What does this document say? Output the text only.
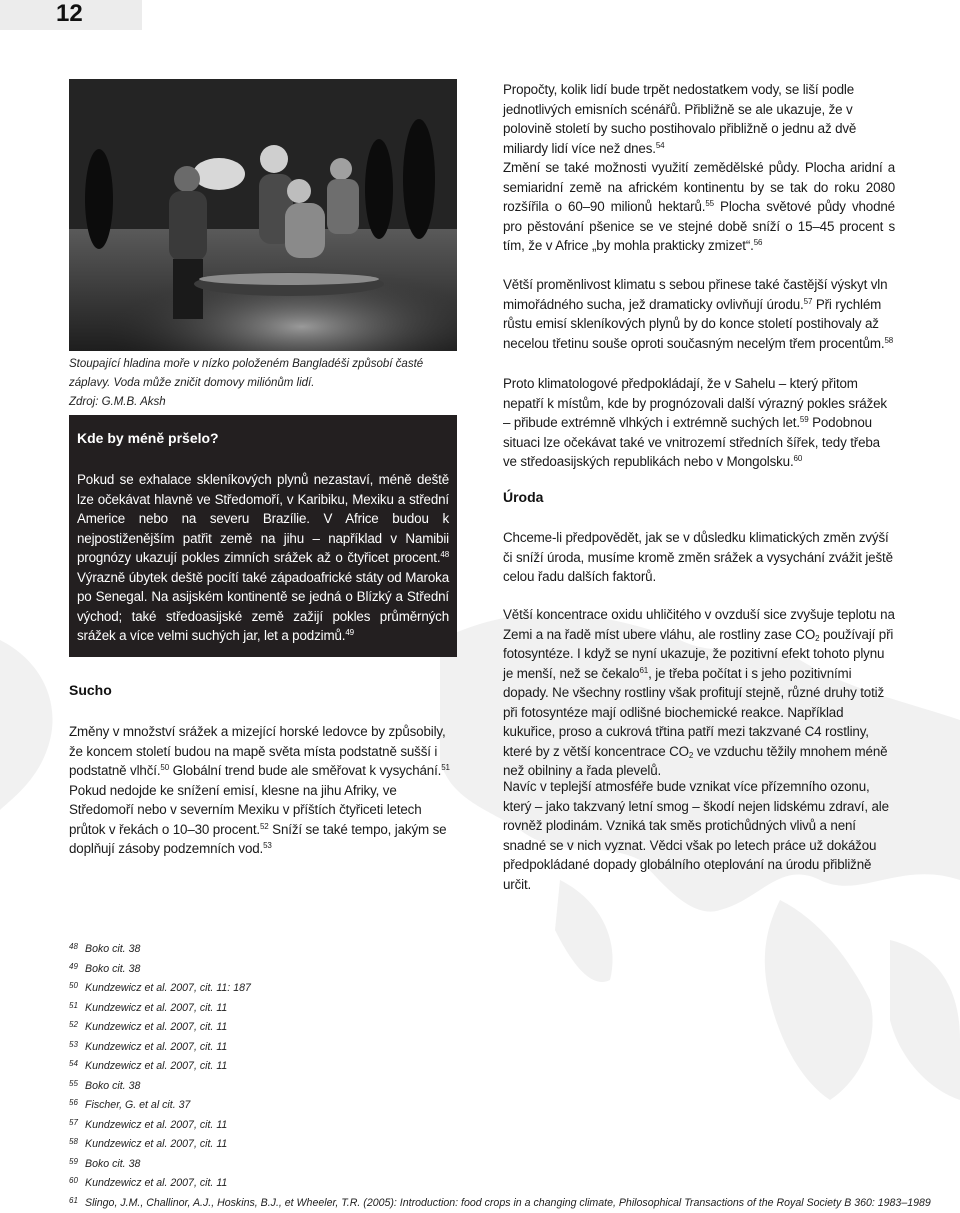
12

Stoupající hladina moře v nízko položeném Bangladéši způsobí časté záplavy. Voda může zničit domovy miliónům lidí.

Zdroj: G.M.B. Aksh

Kde by méně pršelo?

Pokud se exhalace skleníkových plynů nezastaví, méně deště lze očekávat hlavně ve Středomoří, v Karibiku, Mexiku a střední Americe nebo na severu Brazílie. V Africe budou k nejpostiženějším patřit země na jihu – například v Namibii prognózy ukazují pokles zimních srážek až o čtyřicet procent.$^{48}$ Výrazně úbytek deště pocítí také západoafrické státy od Maroka po Senegal. Na asijském kontinentě se jedná o Blízký a Střední východ; také středoasijské země zažijí pokles průměrných srážek a více velmi suchých jar, let a podzimů.$^{49}$

Sucho

Změny v množství srážek a mizející horské ledovce by způsobily, že koncem století budou na mapě světa místa podstatně sušší i podstatně vlhčí.$^{50}$ Globální trend bude ale směřovat k vysychání.$^{51}$ Pokud nedojde ke snížení emisí, klesne na jihu Afriky, ve Středomoří nebo v severním Mexiku v příštích čtyřiceti letech průtok v řekách o 10–30 procent.$^{52}$ Sníží se také tempo, jakým se doplňují zásoby podzemních vod.$^{53}$

Propočty, kolik lidí bude trpět nedostatkem vody, se liší podle jednotlivých emisních scénářů. Přibližně se ale ukazuje, že v polovině století by sucho postihovalo přibližně o jednu až dvě miliardy lidí více než dnes.$^{54}$

Změní se také možnosti využití zemědělské půdy. Plocha aridní a semiaridní země na africkém kontinentu by se tak do roku 2080 rozšířila o 60–90 milionů hektarů.$^{55}$ Plocha světové půdy vhodné pro pěstování pšenice se ve stejné době sníží o 15–45 procent s tím, že v Africe „by mohla prakticky zmizet“.$^{56}$

Větší proměnlivost klimatu s sebou přinese také častější výskyt vln mimořádného sucha, jež dramaticky ovlivňují úrodu.$^{57}$ Při rychlém růstu emisí skleníkových plynů by do konce století postihovaly až necelou třetinu souše oproti současným necelým třem procentům.$^{58}$

Proto klimatologové předpokládají, že v Sahelu – který přitom nepatří k místům, kde by prognózovali další výrazný pokles srážek – přibude extrémně vlhkých i extrémně suchých let.$^{59}$ Podobnou situaci lze očekávat také ve vnitrozemí středních šířek, tedy třeba ve středoasijských republikách nebo v Mongolsku.$^{60}$

Úroda

Chceme-li předpovědět, jak se v důsledku klimatických změn zvýší či sníží úroda, musíme kromě změn srážek a vysychání zvážit ještě celou řadu dalších faktorů.

Větší koncentrace oxidu uhličitého v ovzduší sice zvyšuje teplotu na Zemi a na řadě míst ubere vláhu, ale rostliny zase $CO_2$ používají při fotosyntéze. I když se nyní ukazuje, že pozitivní efekt tohoto plynu je menší, než se čekalo$^{61}$, je třeba počítat i s jeho pozitivními dopady. Ne všechny rostliny však profitují stejně, různé druhy totiž při fotosyntéze mají odlišné biochemické reakce. Například kukuřice, proso a cukrová třtina patří mezi takzvané C4 rostliny, které by z větší koncentrace $CO_2$ ve vzduchu těžily mnohem méně než obilniny a řada plevelů.

Navíc v teplejší atmosféře bude vznikat více přízemního ozonu, který – jako takzvaný letní smog – škodí nejen lidskému zdraví, ale rovněž plodinám. Vzniká tak směs protichůdných vlivů a není snadné se v nich vyznat. Vědci však po letech práce už dokážou předpokládané dopady globálního oteplování na úrodu přibližně určit.

48 Boko cit. 38
49 Boko cit. 38
50 Kundzewicz et al. 2007, cit. 11: 187
51 Kundzewicz et al. 2007, cit. 11
52 Kundzewicz et al. 2007, cit. 11
53 Kundzewicz et al. 2007, cit. 11
54 Kundzewicz et al. 2007, cit. 11
55 Boko cit. 38
56 Fischer, G. et al cit. 37
57 Kundzewicz et al. 2007, cit. 11
58 Kundzewicz et al. 2007, cit. 11
59 Boko cit. 38
60 Kundzewicz et al. 2007, cit. 11
61 Slingo, J.M., Challinor, A.J., Hoskins, B.J., et Wheeler, T.R. (2005): Introduction: food crops in a changing climate, Philosophical Transactions of the Royal Society B 360: 1983–1989
